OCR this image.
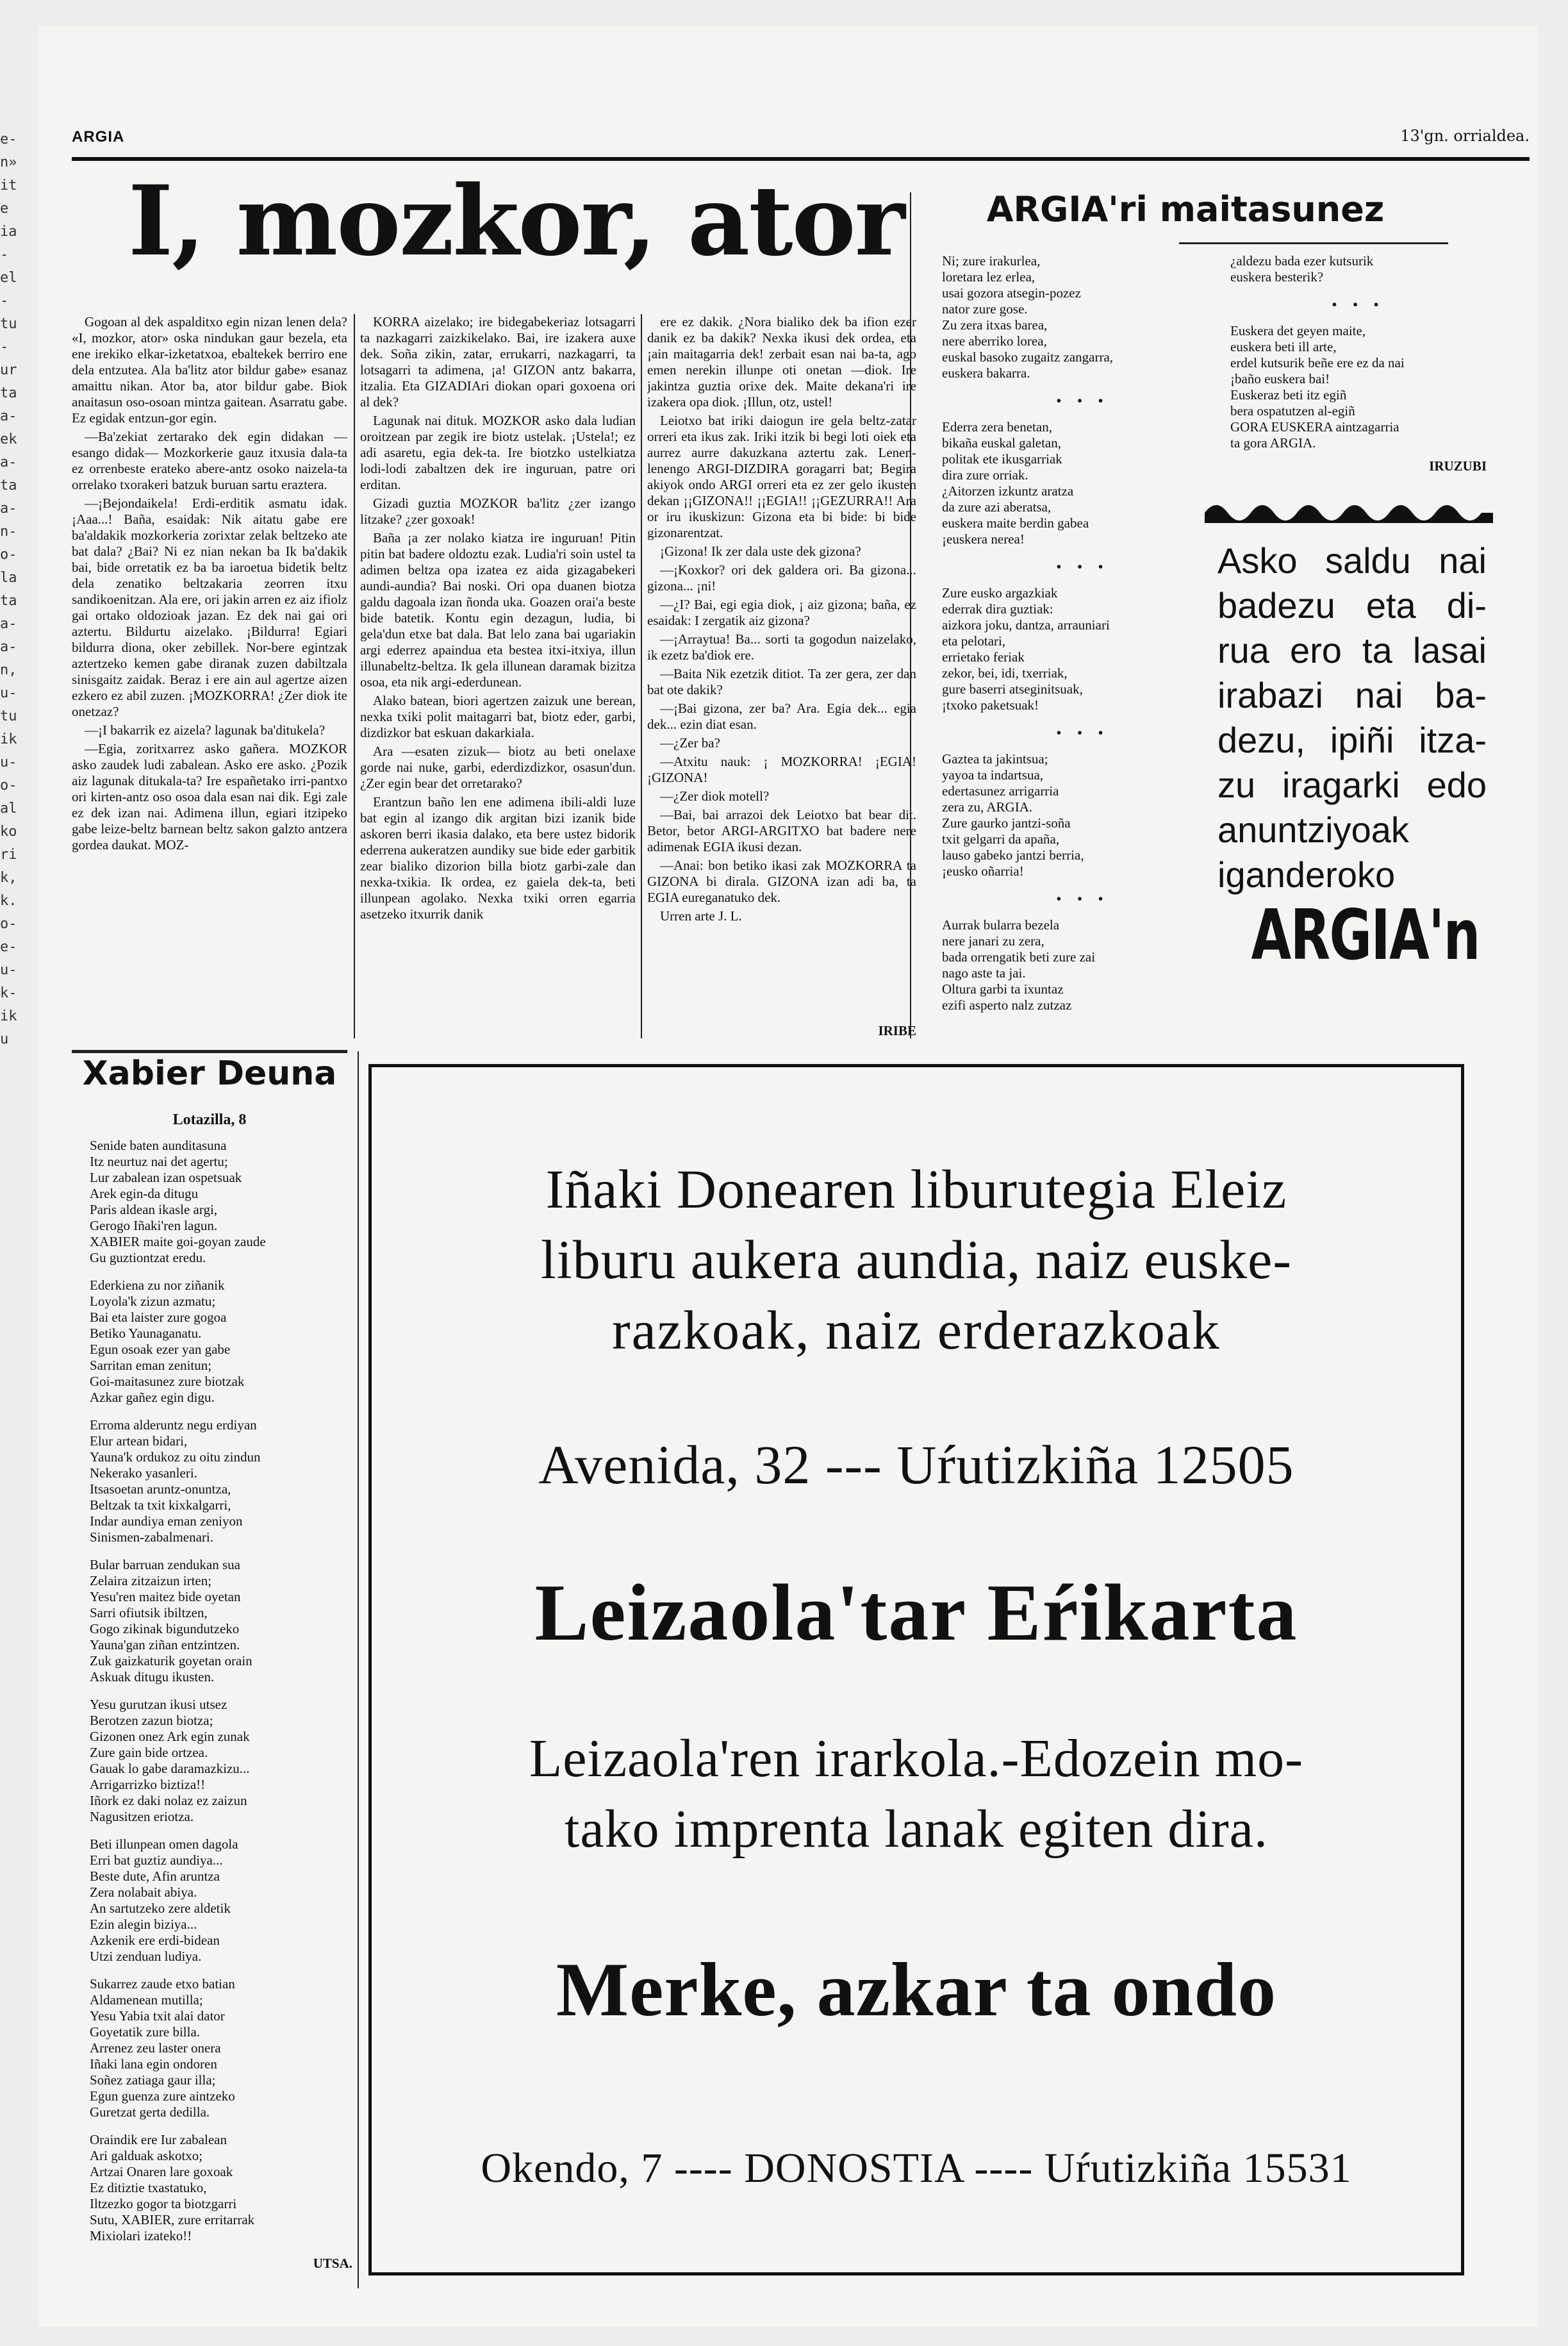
e- n» ite ia- el- tu- ur ta a- ek a- ta a- n- o- la ta a- a- n, u- tu ik u- o- al ko ri k, k. o- e- u- k- ik u
ARGIA	13'gn. orrialdea.
I, mozkor, ator

Gogoan al dek aspalditxo egin nizan lenen dela? «I, mozkor, ator» oska nindukan gaur bezela, eta ene irekiko elkar-izketatxoa, ebaltekek berriro ene dela entzutea. Ala ba'litz ator bildur gabe» esanaz amaittu nikan. Ator ba, ator bildur gabe. Biok anaitasun oso-osoan mintza gaitean. Asarratu gabe. Ez egidak entzun-gor egin.

—Ba'zekiat zertarako dek egin didakan —esango didak— Mozkorkerie gauz itxusia dala-ta ez orrenbeste erateko abere-antz osoko naizela-ta orrelako txorakeri batzuk buruan sartu eraztera.

—¡Bejondaikela! Erdi-erditik asmatu idak. ¡Aaa...! Baña, esaidak: Nik aitatu gabe ere ba'aldakik mozkorkeria zorixtar zelak beltzeko ate bat dala? ¿Bai? Ni ez nian nekan ba Ik ba'dakik bai, bide orretatik ez ba ba iaroetua bidetik beltz dela zenatiko beltzakaria zeorren itxu sandikoenitzan. Ala ere, ori jakin arren ez aiz ifiolz gai ortako oldozioak jazan. Ez dek nai gai ori aztertu. Bildurtu aizelako. ¡Bildurra! Egiari bildurra diona, oker zebillek. Nor-bere egintzak aztertzeko kemen gabe diranak zuzen dabiltzala sinisgaitz zaidak. Beraz i ere ain aul agertze aizen ezkero ez abil zuzen. ¡MOZKORRA! ¿Zer diok ite onetzaz?

—¡I bakarrik ez aizela? lagunak ba'ditukela?

—Egia, zoritxarrez asko gañera. MOZKOR asko zaudek ludi zabalean. Asko ere asko. ¿Pozik aiz lagunak ditukala-ta? Ire españetako irri-pantxo ori kirten-antz oso osoa dala esan nai dik. Egi zale ez dek izan nai. Adimena illun, egiari itzipeko gabe leize-beltz barnean beltz sakon galzto antzera gordea daukat. MOZ-

KORRA aizelako; ire bidegabekeriaz lotsagarri ta nazkagarri zaizkikelako. Bai, ire izakera auxe dek. Soña zikin, zatar, errukarri, nazkagarri, ta lotsagarri ta adimena, ¡a! GIZON antz bakarra, itzalia. Eta GIZADIAri diokan opari goxoena ori al dek?

Lagunak nai dituk. MOZKOR asko dala ludian oroitzean par zegik ire biotz ustelak. ¡Ustela!; ez adi asaretu, egia dek-ta. Ire biotzko ustelkiatza lodi-lodi zabaltzen dek ire inguruan, patre ori erditan.

Gizadi guztia MOZKOR ba'litz ¿zer izango litzake? ¿zer goxoak!

Baña ¡a zer nolako kiatza ire inguruan! Pitin pitin bat badere oldoztu ezak. Ludia'ri soin ustel ta adimen beltza opa izatea ez aida gizagabekeri aundi-aundia? Bai noski. Ori opa duanen biotza galdu dagoala izan ñonda uka. Goazen orai'a beste bide batetik. Kontu egin dezagun, ludia, bi gela'dun etxe bat dala. Bat lelo zana bai ugariakin argi ederrez apaindua eta bestea itxi-itxiya, illun illunabeltz-beltza. Ik gela illunean daramak bizitza osoa, eta nik argi-ederdunean.

Alako batean, biori agertzen zaizuk une berean, nexka txiki polit maitagarri bat, biotz eder, garbi, dizdizkor bat eskuan dakarkiala.

Ara —esaten zizuk— biotz au beti onelaxe gorde nai nuke, garbi, ederdizdizkor, osasun'dun. ¿Zer egin bear det orretarako?

Erantzun baño len ene adimena ibili-aldi luze bat egin al izango dik argitan bizi izanik bide askoren berri ikasia dalako, eta bere ustez bidorik ederrena aukeratzen aundiky sue bide eder garbitik zear bialiko dizorion billa biotz garbi-zale dan nexka-txikia. Ik ordea, ez gaiela dek-ta, beti illunpean agolako. Nexka txiki orren egarria asetzeko itxurrik danik

ere ez dakik. ¿Nora bialiko dek ba ifion ezer danik ez ba dakik? Nexka ikusi dek ordea, eta ¡ain maitagarria dek! zerbait esan nai ba-ta, ago emen nerekin illunpe oti onetan —diok. Ire jakintza guztia orixe dek. Maite dekana'ri ire izakera opa diok. ¡Illun, otz, ustel!

Leiotxo bat iriki daiogun ire gela beltz-zatar orreri eta ikus zak. Iriki itzik bi begi loti oiek eta aurrez aurre dakuzkana aztertu zak. Lenen-lenengo ARGI-DIZDIRA goragarri bat; Begira akiyok ondo ARGI orreri eta ez zer gelo ikusten dekan ¡¡GIZONA!! ¡¡EGIA!! ¡¡GEZURRA!! Ara or iru ikuskizun: Gizona eta bi bide: bi bide gizonarentzat.

¡Gizona! Ik zer dala uste dek gizona?

—¡Koxkor? ori dek galdera ori. Ba gizona... gizona... ¡ni!

—¿I? Bai, egi egia diok, ¡ aiz gizona; baña, ez esaidak: I zergatik aiz gizona?

—¡Arraytua! Ba... sorti ta gogodun naizelako, ik ezetz ba'diok ere.

—Baita Nik ezetzik ditiot. Ta zer gera, zer dan bat ote dakik?

—¡Bai gizona, zer ba? Ara. Egia dek... egia dek... ezin diat esan.

—¿Zer ba?

—Atxitu nauk: ¡ MOZKORRA! ¡EGIA! ¡GIZONA!

—¿Zer diok motell?

—Bai, bai arrazoi dek Leiotxo bat bear dit. Betor, betor ARGI-ARGITXO bat badere nere adimenak EGIA ikusi dezan.

—Anai: bon betiko ikasi zak MOZKORRA ta GIZONA bi dirala. GIZONA izan adi ba, ta EGIA eureganatuko dek.

Urren arte J. L.

IRIBE
ARGIA'ri maitasunez
Ni; zure irakurlea,
loretara lez erlea,
usai gozora atsegin-pozez
nator zure gose.
Zu zera itxas barea,
nere aberriko lorea,
euskal basoko zugaitz zangarra,
euskera bakarra.
• • •
Ederra zera benetan,
bikaña euskal galetan,
politak ete ikusgarriak
dira zure orriak.
¿Aitorzen izkuntz aratza
da zure azi aberatsa,
euskera maite berdin gabea
¡euskera nerea!
• • •
Zure eusko argazkiak
ederrak dira guztiak:
aizkora joku, dantza, arrauniari
eta pelotari,
errietako feriak
zekor, bei, idi, txerriak,
gure baserri atseginitsuak,
¡txoko paketsuak!
• • •
Gaztea ta jakintsua;
yayoa ta indartsua,
edertasunez arrigarria
zera zu, ARGIA.
Zure gaurko jantzi-soña
txit gelgarri da apaña,
lauso gabeko jantzi berria,
¡eusko oñarria!
• • •
Aurrak bularra bezela
nere janari zu zera,
bada orrengatik beti zure zai
nago aste ta jai.
Oltura garbi ta ixuntaz
ezifi asperto nalz zutzaz
¿aldezu bada ezer kutsurik
euskera besterik?
• • •
Euskera det geyen maite,
euskera beti ill arte,
erdel kutsurik beñe ere ez da nai
¡baño euskera bai!
Euskeraz beti itz egiñ
bera ospatutzen al-egiñ
GORA EUSKERA aintzagarria
ta gora ARGIA.
IRUZUBI
Asko saldu nai
badezu eta di-
rua ero ta lasai
irabazi nai ba-
dezu, ipiñi itza-
zu iragarki edo
anuntziyoak
iganderoko
ARGIA'n
Xabier Deuna
Lotazilla, 8
Senide baten aunditasuna
Itz neurtuz nai det agertu;
Lur zabalean izan ospetsuak
Arek egin-da ditugu
Paris aldean ikasle argi,
Gerogo Iñaki'ren lagun.
XABIER maite goi-goyan zaude
Gu guztiontzat eredu.
Ederkiena zu nor ziñanik
Loyola'k zizun azmatu;
Bai eta laister zure gogoa
Betiko Yaunaganatu.
Egun osoak ezer yan gabe
Sarritan eman zenitun;
Goi-maitasunez zure biotzak
Azkar gañez egin digu.
Erroma alderuntz negu erdiyan
Elur artean bidari,
Yauna'k ordukoz zu oitu zindun
Nekerako yasanleri.
Itsasoetan aruntz-onuntza,
Beltzak ta txit kixkalgarri,
Indar aundiya eman zeniyon
Sinismen-zabalmenari.
Bular barruan zendukan sua
Zelaira zitzaizun irten;
Yesu'ren maitez bide oyetan
Sarri ofiutsik ibiltzen,
Gogo zikinak bigundutzeko
Yauna'gan ziñan entzintzen.
Zuk gaizkaturik goyetan orain
Askuak ditugu ikusten.
Yesu gurutzan ikusi utsez
Berotzen zazun biotza;
Gizonen onez Ark egin zunak
Zure gain bide ortzea.
Gauak lo gabe daramazkizu...
Arrigarrizko biztiza!!
Iñork ez daki nolaz ez zaizun
Nagusitzen eriotza.
Beti illunpean omen dagola
Erri bat guztiz aundiya...
Beste dute, Afin aruntza
Zera nolabait abiya.
An sartutzeko zere aldetik
Ezin alegin biziya...
Azkenik ere erdi-bidean
Utzi zenduan ludiya.
Sukarrez zaude etxo batian
Aldamenean mutilla;
Yesu Yabia txit alai dator
Goyetatik zure billa.
Arrenez zeu laster onera
Iñaki lana egin ondoren
Soñez zatiaga gaur illa;
Egun guenza zure aintzeko
Guretzat gerta dedilla.
Oraindik ere Iur zabalean
Ari galduak askotxo;
Artzai Onaren lare goxoak
Ez ditiztie txastatuko,
Iltzezko gogor ta biotzgarri
Sutu, XABIER, zure erritarrak
Mixiolari izateko!!
UTSA.
Iñaki Donearen liburutegia Eleiz
liburu aukera aundia, naiz euske-
razkoak, naiz erderazkoak
Avenida, 32 --- Uŕutizkiña 12505
Leizaola'tar Eŕikarta
Leizaola'ren irarkola.-Edozein mo-
tako imprenta lanak egiten dira.
Merke, azkar ta ondo
Okendo, 7 ---- DONOSTIA ---- Uŕutizkiña 15531
